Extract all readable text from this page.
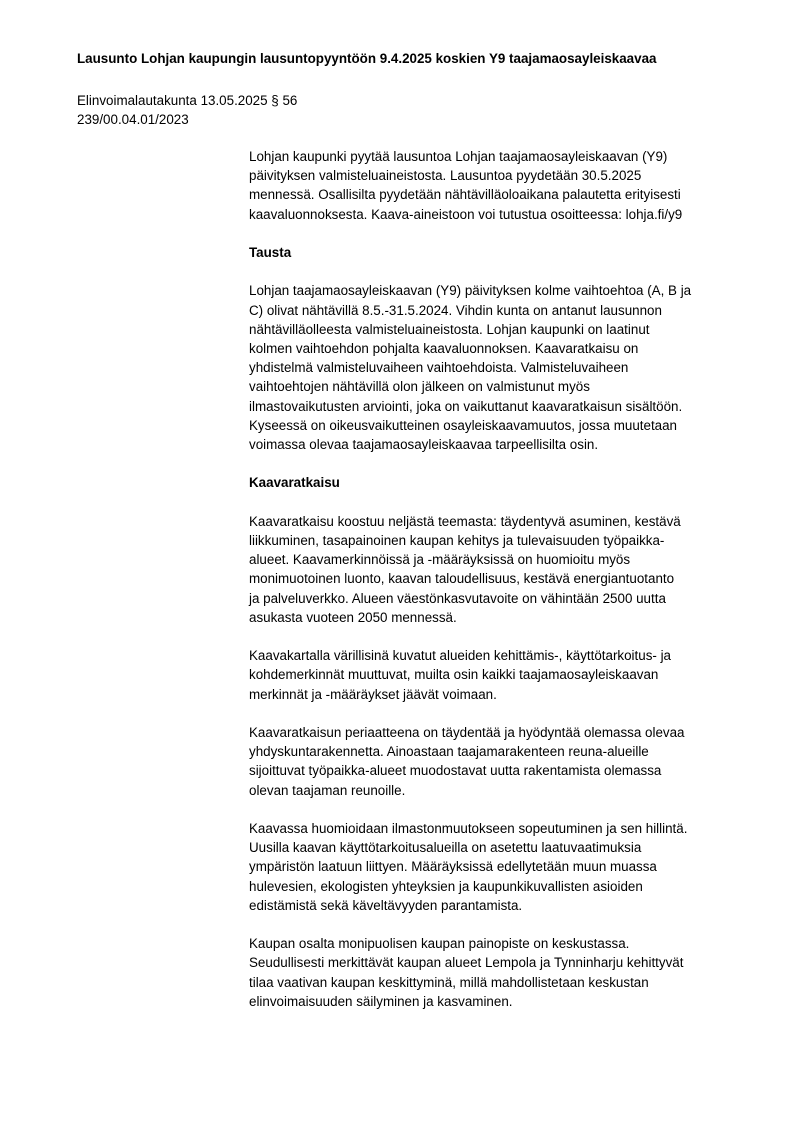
Lausunto Lohjan kaupungin lausuntopyyntöön 9.4.2025 koskien Y9 taajamaosayleiskaavaa
Elinvoimalautakunta 13.05.2025 § 56
239/00.04.01/2023
Lohjan kaupunki pyytää lausuntoa Lohjan taajamaosayleiskaavan (Y9)
päivityksen valmisteluaineistosta. Lausuntoa pyydetään 30.5.2025
mennessä. Osallisilta pyydetään nähtävilläoloaikana palautetta erityisesti
kaavaluonnoksesta. Kaava-aineistoon voi tutustua osoitteessa: lohja.fi/y9
Tausta
Lohjan taajamaosayleiskaavan (Y9) päivityksen kolme vaihtoehtoa (A, B ja
C) olivat nähtävillä 8.5.-31.5.2024. Vihdin kunta on antanut lausunnon
nähtävilläolleesta valmisteluaineistosta. Lohjan kaupunki on laatinut
kolmen vaihtoehdon pohjalta kaavaluonnoksen. Kaavaratkaisu on
yhdistelmä valmisteluvaiheen vaihtoehdoista. Valmisteluvaiheen
vaihtoehtojen nähtävillä olon jälkeen on valmistunut myös
ilmastovaikutusten arviointi, joka on vaikuttanut kaavaratkaisun sisältöön.
Kyseessä on oikeusvaikutteinen osayleiskaavamuutos, jossa muutetaan
voimassa olevaa taajamaosayleiskaavaa tarpeellisilta osin.
Kaavaratkaisu
Kaavaratkaisu koostuu neljästä teemasta: täydentyvä asuminen, kestävä
liikkuminen, tasapainoinen kaupan kehitys ja tulevaisuuden työpaikka-
alueet. Kaavamerkinnöissä ja -määräyksissä on huomioitu myös
monimuotoinen luonto, kaavan taloudellisuus, kestävä energiantuotanto
ja palveluverkko. Alueen väestönkasvutavoite on vähintään 2500 uutta
asukasta vuoteen 2050 mennessä.
Kaavakartalla värillisinä kuvatut alueiden kehittämis-, käyttötarkoitus- ja
kohdemerkinnät muuttuvat, muilta osin kaikki taajamaosayleiskaavan
merkinnät ja -määräykset jäävät voimaan.
Kaavaratkaisun periaatteena on täydentää ja hyödyntää olemassa olevaa
yhdyskuntarakennetta. Ainoastaan taajamarakenteen reuna-alueille
sijoittuvat työpaikka-alueet muodostavat uutta rakentamista olemassa
olevan taajaman reunoille.
Kaavassa huomioidaan ilmastonmuutokseen sopeutuminen ja sen hillintä.
Uusilla kaavan käyttötarkoitusalueilla on asetettu laatuvaatimuksia
ympäristön laatuun liittyen. Määräyksissä edellytetään muun muassa
hulevesien, ekologisten yhteyksien ja kaupunkikuvallisten asioiden
edistämistä sekä käveltävyyden parantamista.
Kaupan osalta monipuolisen kaupan painopiste on keskustassa.
Seudullisesti merkittävät kaupan alueet Lempola ja Tynninharju kehittyvät
tilaa vaativan kaupan keskittyminä, millä mahdollistetaan keskustan
elinvoimaisuuden säilyminen ja kasvaminen.
